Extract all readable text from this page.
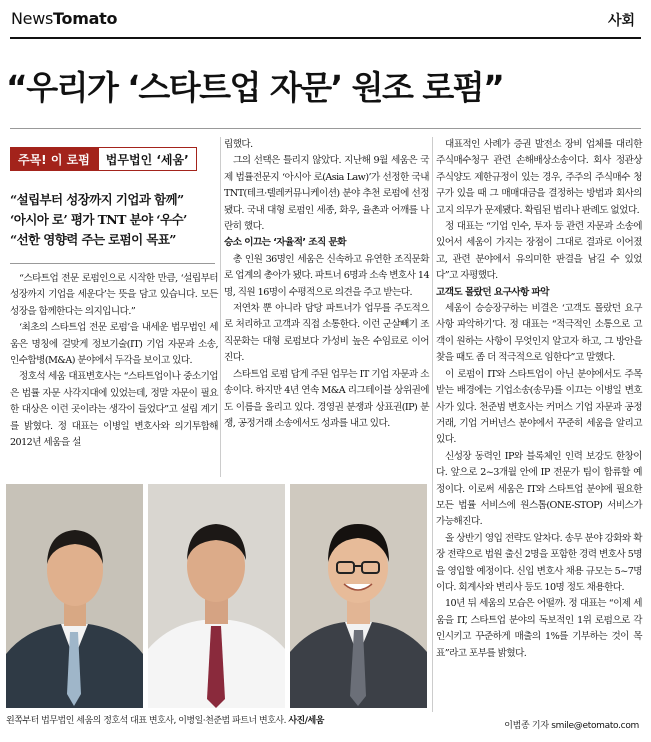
NewsTomato	사회
“우리가 ‘스타트업 자문’ 원조 로펌”
주목! 이 로펌	법무법인 ‘세움’
“설립부터 성장까지 기업과 함께”
‘아시아 로’ 평가 TNT 분야 ‘우수’
“선한 영향력 주는 로펌이 목표”

“스타트업 전문 로펌인으로 시작한 만큼, ‘설립부터 성장까지 기업을 세운다’는 뜻을 담고 있습니다. 모든 성장을 함께한다는 의지입니다.”

‘최초의 스타트업 전문 로펌’을 내세운 법무법인 세움은 명칭에 걸맞게 정보기술(IT) 기업 자문과 소송, 인수합병(M&A) 분야에서 두각을 보이고 있다.

정호석 세움 대표변호사는 “스타트업이나 중소기업은 법률 자문 사각지대에 있었는데, 정말 자문이 필요한 대상은 이런 곳이라는 생각이 들었다”고 설립 계기를 밝혔다. 정 대표는 이병일 변호사와 의기투합해 2012년 세움을 설

립했다.

그의 선택은 틀리지 않았다. 지난해 9월 세움은 국제 법률전문지 ‘아시아 로(Asia Law)’가 선정한 국내 TNT(테크·텔레커뮤니케이션) 분야 추천 로펌에 선정됐다. 국내 대형 로펌인 세종, 화우, 율촌과 어깨를 나란히 했다.

승소 이끄는 ‘자율적’ 조직 문화

총 인원 36명인 세움은 신속하고 유연한 조직문화로 업계의 총아가 됐다. 파트너 6명과 소속 변호사 14명, 직원 16명이 수평적으로 의견을 주고 받는다.

저연차 뿐 아니라 담당 파트너가 업무를 주도적으로 처리하고 고객과 직접 소통한다. 이런 군살빼기 조직문화는 대형 로펌보다 가성비 높은 수임료로 이어진다.

스타트업 로펌 답게 주된 업무는 IT 기업 자문과 소송이다. 하지만 4년 연속 M&A 리그테이블 상위권에도 이름을 올리고 있다. 경영권 분쟁과 상표권(IP) 분쟁, 공정거래 소송에서도 성과를 내고 있다.

대표적인 사례가 증권 발전소 장비 업체를 대리한 주식매수청구 관련 손해배상소송이다. 회사 정관상 주식양도 제한규정이 있는 경우, 주주의 주식매수 청구가 있을 때 그 매매대금을 결정하는 방법과 회사의 고지 의무가 문제됐다. 확립된 법리나 판례도 없었다.

정 대표는 “기업 인수, 투자 등 관련 자문과 소송에 있어서 세움이 가지는 장점이 그대로 결과로 이어졌고, 관련 분야에서 유의미한 판결을 남길 수 있었다”고 자평했다.

고객도 몰랐던 요구사항 파악

세움이 승승장구하는 비결은 ‘고객도 몰랐던 요구사항 파악하기’다. 정 대표는 “적극적인 소통으로 고객이 원하는 사항이 무엇인지 알고자 하고, 그 방안을 찾을 때도 좀 더 적극적으로 임한다”고 말했다.

이 로펌이 IT와 스타트업이 아닌 분야에서도 주목받는 배경에는 기업소송(송무)를 이끄는 이병일 변호사가 있다. 천준범 변호사는 커머스 기업 자문과 공정거래, 기업 거버넌스 분야에서 꾸준히 세움을 알리고 있다.

신성장 동력인 IP와 블록체인 인력 보강도 한창이다. 앞으로 2~3개월 안에 IP 전문가 팀이 합류할 예정이다. 이로써 세움은 IT와 스타트업 분야에 필요한 모든 법률 서비스에 원스톱(ONE-STOP) 서비스가 가능해진다.

올 상반기 영입 전략도 알차다. 송무 분야 강화와 확장 전략으로 법원 출신 2명을 포함한 경력 변호사 5명을 영입할 예정이다. 신입 변호사 채용 규모는 5~7명이다. 회계사와 변리사 등도 10명 정도 채용한다.

10년 뒤 세움의 모습은 어떨까. 정 대표는 “이제 세움을 IT, 스타트업 분야의 독보적인 1위 로펌으로 각인시키고 꾸준하게 매출의 1%를 기부하는 것이 목표”라고 포부를 밝혔다.

왼쪽부터 법무법인 세움의 정호석 대표 변호사, 이병일·천준범 파트너 변호사. 사진/세움	이범종 기자 smile@etomato.com
